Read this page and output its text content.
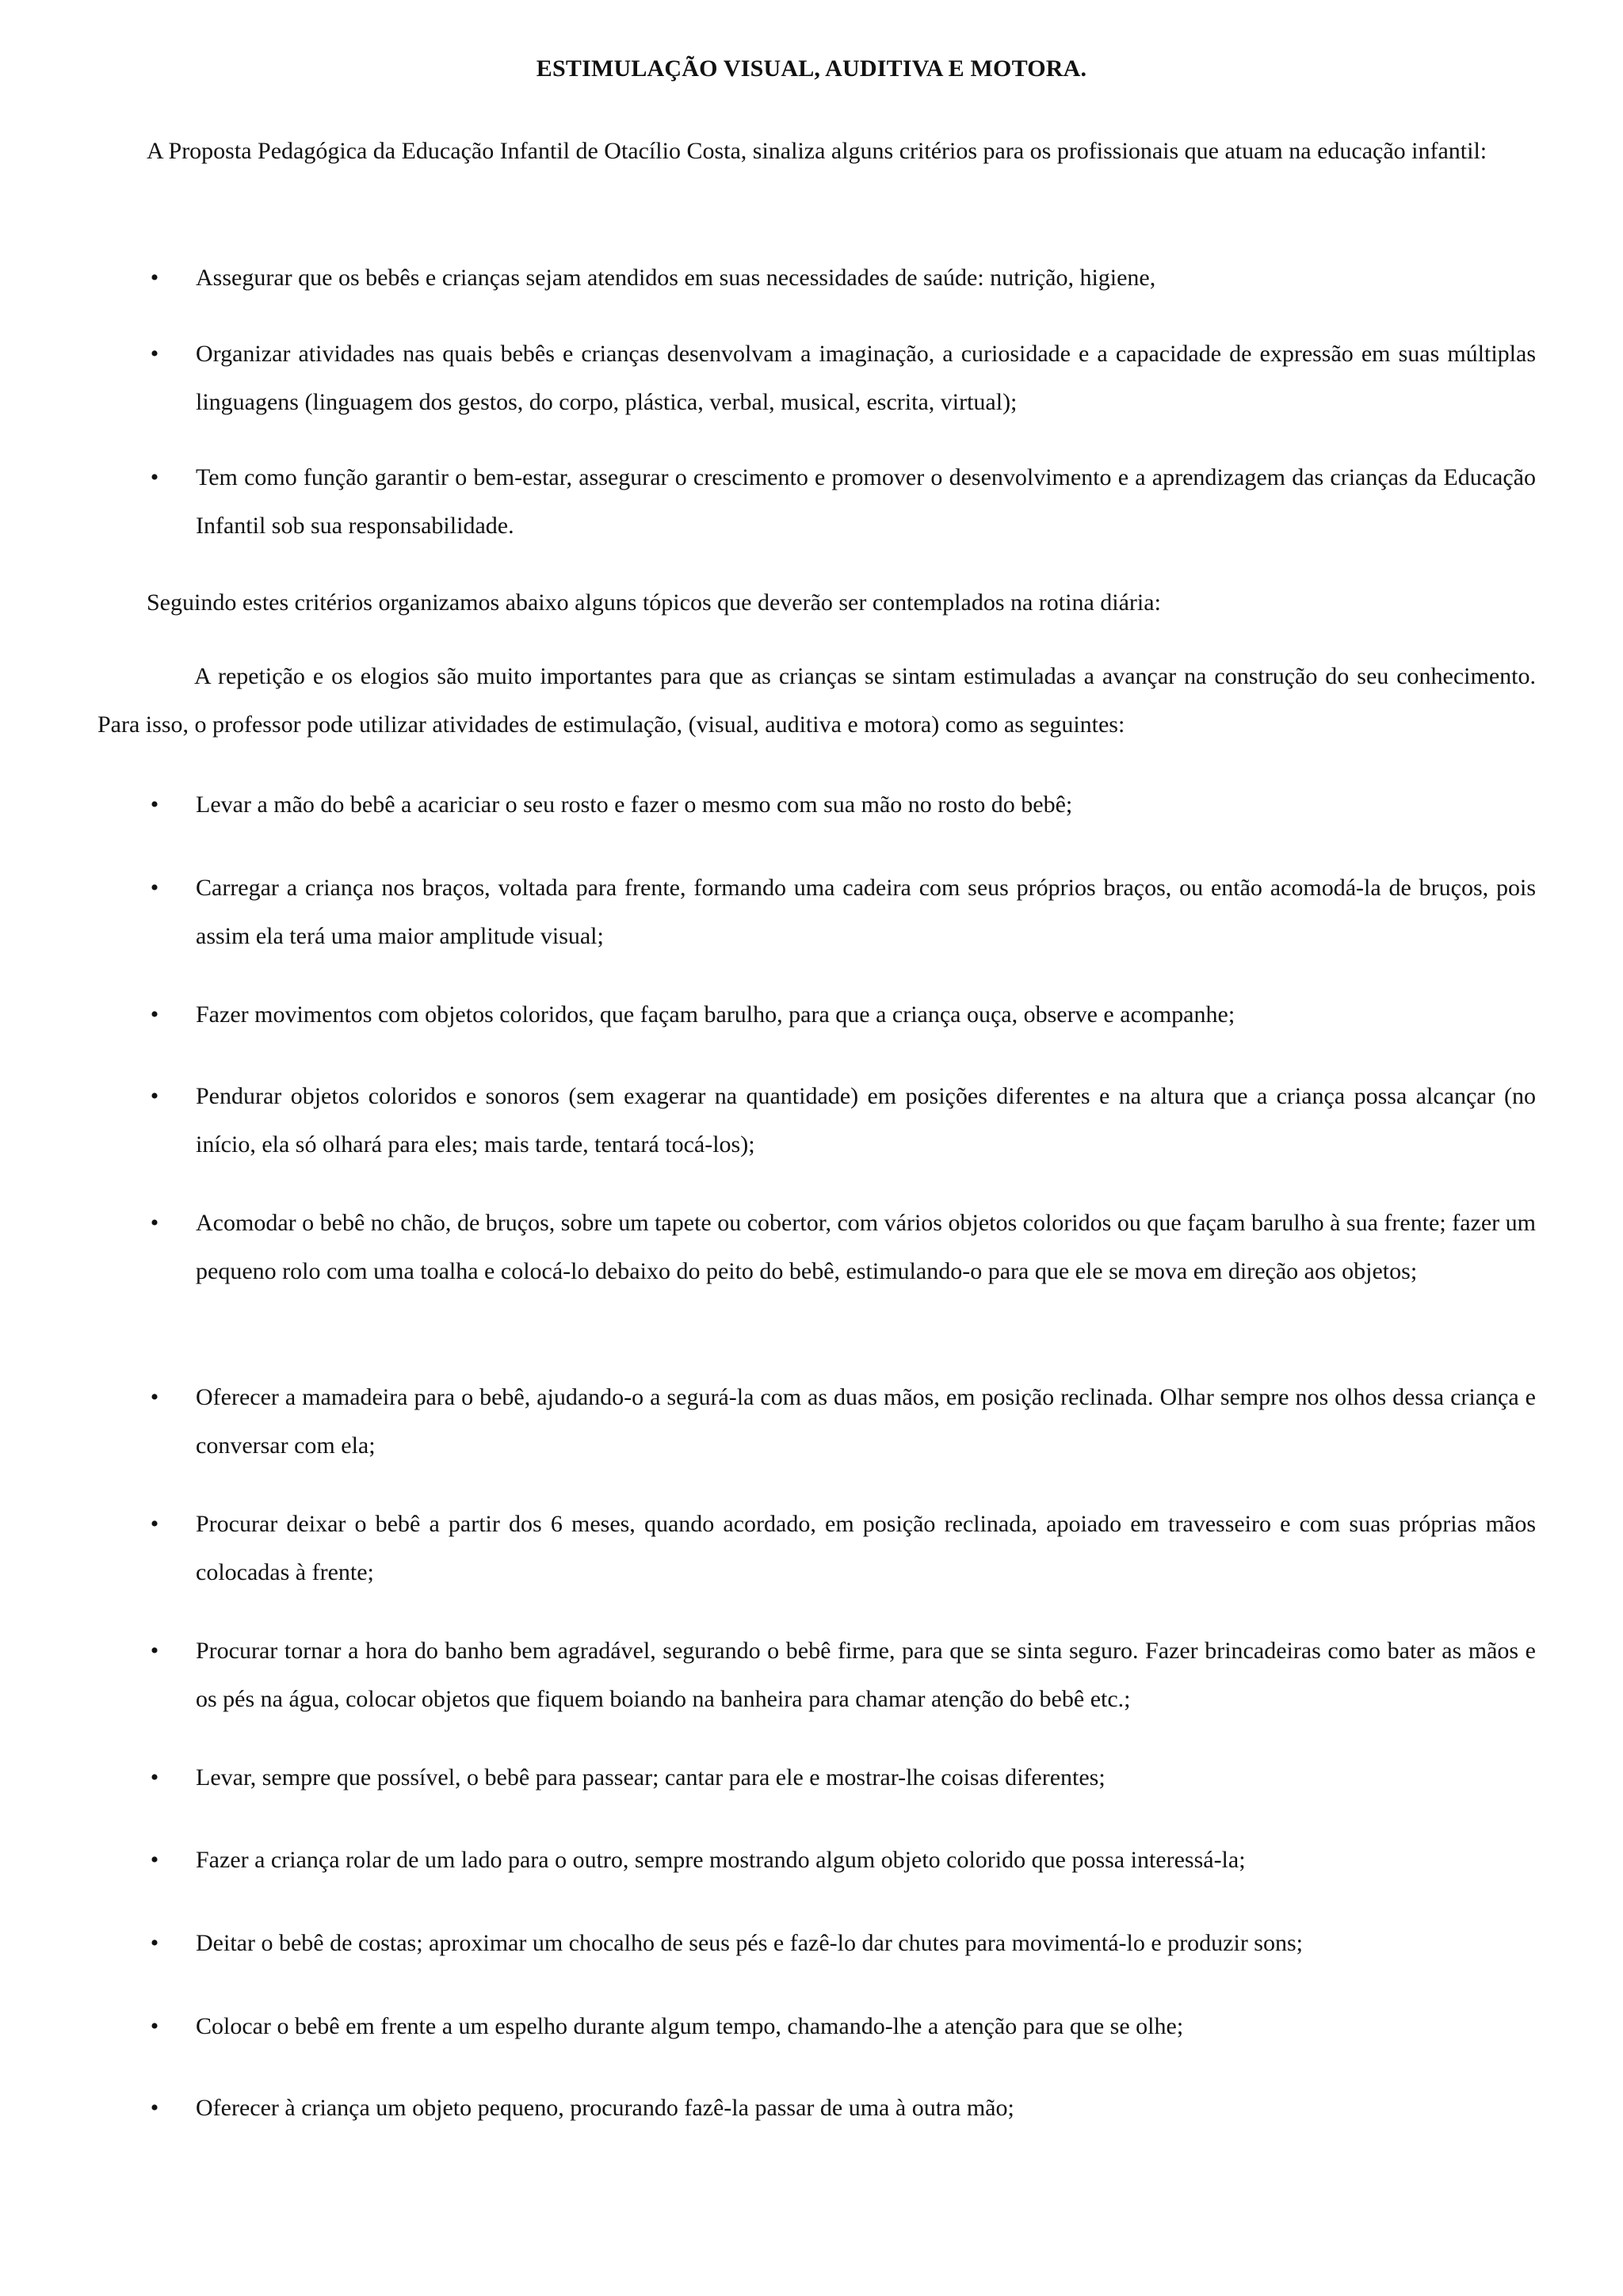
ESTIMULAÇÃO VISUAL, AUDITIVA E MOTORA.

A Proposta Pedagógica da Educação Infantil de Otacílio Costa, sinaliza alguns critérios para os profissionais que atuam na educação infantil:

• Assegurar que os bebês e crianças sejam atendidos em suas necessidades de saúde: nutrição, higiene,

• Organizar atividades nas quais bebês e crianças desenvolvam a imaginação, a curiosidade e a capacidade de expressão em suas múltiplas linguagens (linguagem dos gestos, do corpo, plástica, verbal, musical, escrita, virtual);

• Tem como função garantir o bem-estar, assegurar o crescimento e promover o desenvolvimento e a aprendizagem das crianças da Educação Infantil sob sua responsabilidade.

Seguindo estes critérios organizamos abaixo alguns tópicos que deverão ser contemplados na rotina diária:

A repetição e os elogios são muito importantes para que as crianças se sintam estimuladas a avançar na construção do seu conhecimento. Para isso, o professor pode utilizar atividades de estimulação, (visual, auditiva e motora) como as seguintes:

• Levar a mão do bebê a acariciar o seu rosto e fazer o mesmo com sua mão no rosto do bebê;

• Carregar a criança nos braços, voltada para frente, formando uma cadeira com seus próprios braços, ou então acomodá-la de bruços, pois assim ela terá uma maior amplitude visual;

• Fazer movimentos com objetos coloridos, que façam barulho, para que a criança ouça, observe e acompanhe;

• Pendurar objetos coloridos e sonoros (sem exagerar na quantidade) em posições diferentes e na altura que a criança possa alcançar (no início, ela só olhará para eles; mais tarde, tentará tocá-los);

• Acomodar o bebê no chão, de bruços, sobre um tapete ou cobertor, com vários objetos coloridos ou que façam barulho à sua frente; fazer um pequeno rolo com uma toalha e colocá-lo debaixo do peito do bebê, estimulando-o para que ele se mova em direção aos objetos;

• Oferecer a mamadeira para o bebê, ajudando-o a segurá-la com as duas mãos, em posição reclinada. Olhar sempre nos olhos dessa criança e conversar com ela;

• Procurar deixar o bebê a partir dos 6 meses, quando acordado, em posição reclinada, apoiado em travesseiro e com suas próprias mãos colocadas à frente;

• Procurar tornar a hora do banho bem agradável, segurando o bebê firme, para que se sinta seguro. Fazer brincadeiras como bater as mãos e os pés na água, colocar objetos que fiquem boiando na banheira para chamar atenção do bebê etc.;

• Levar, sempre que possível, o bebê para passear; cantar para ele e mostrar-lhe coisas diferentes;

• Fazer a criança rolar de um lado para o outro, sempre mostrando algum objeto colorido que possa interessá-la;

• Deitar o bebê de costas; aproximar um chocalho de seus pés e fazê-lo dar chutes para movimentá-lo e produzir sons;

• Colocar o bebê em frente a um espelho durante algum tempo, chamando-lhe a atenção para que se olhe;

• Oferecer à criança um objeto pequeno, procurando fazê-la passar de uma à outra mão;
